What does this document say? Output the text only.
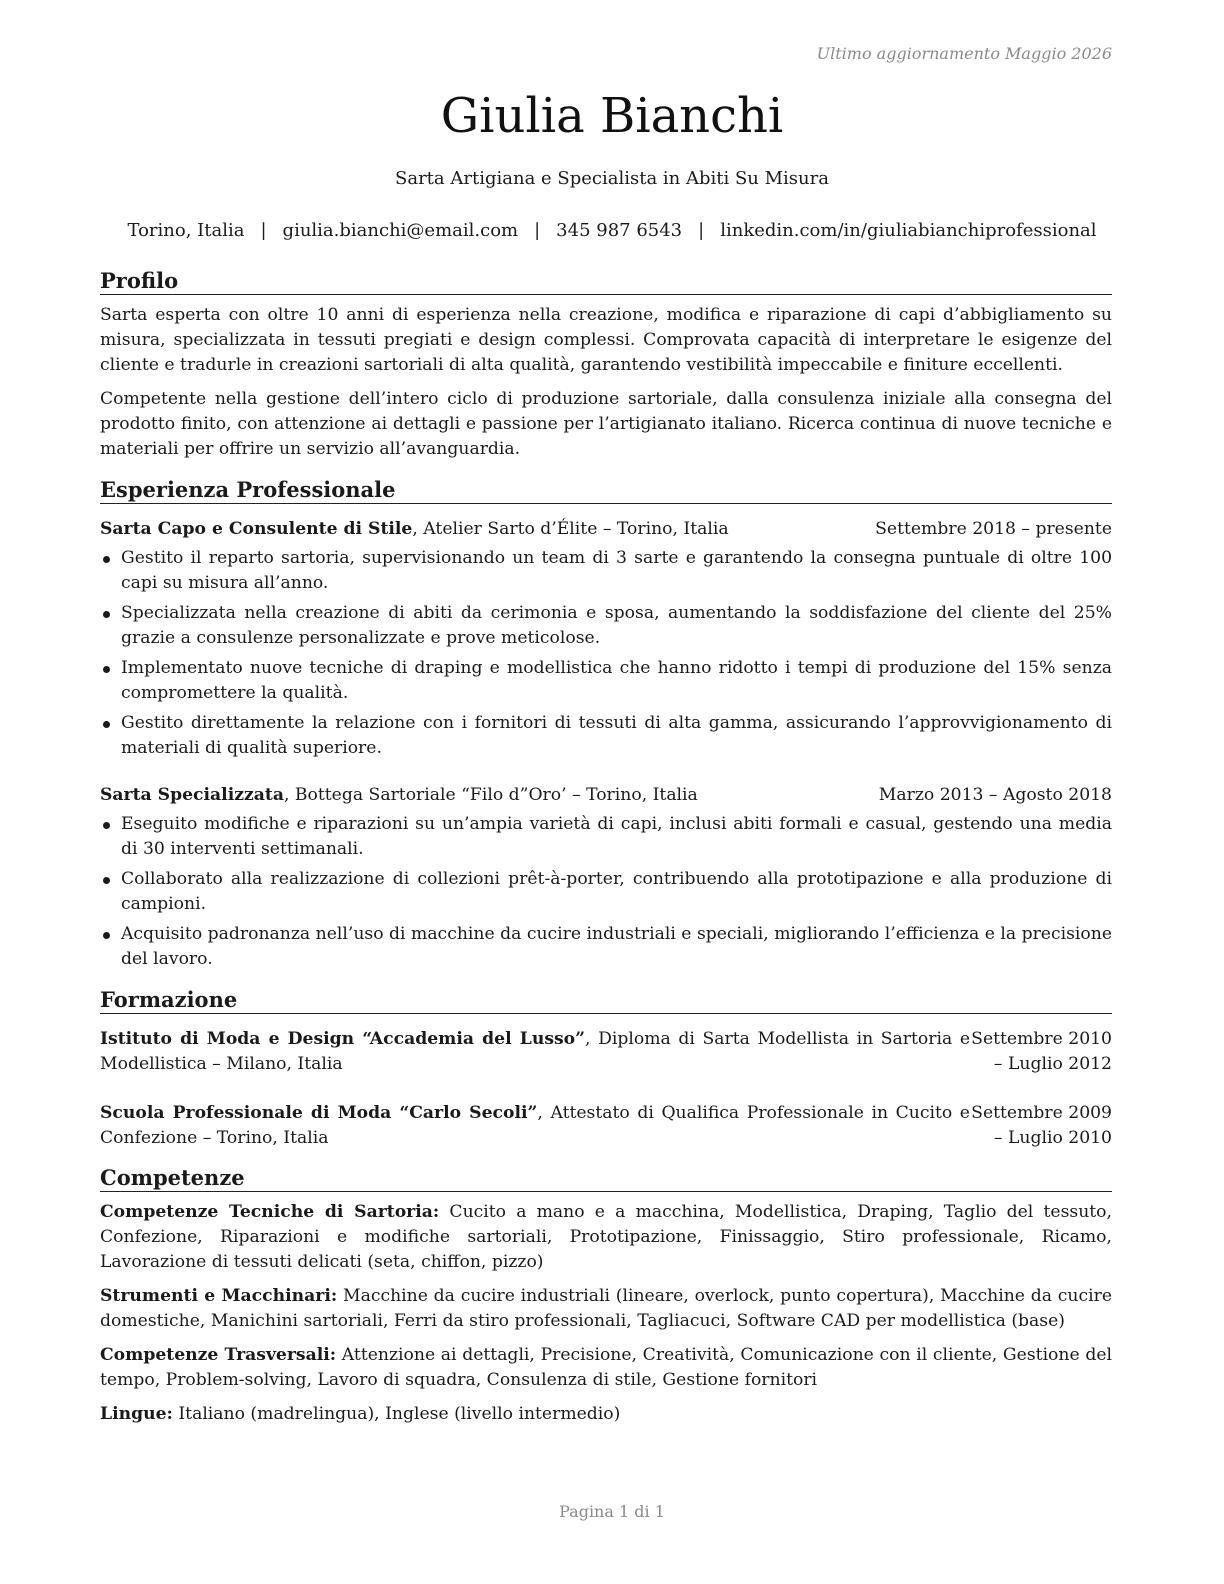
Ultimo aggiornamento Maggio 2026
Giulia Bianchi
Sarta Artigiana e Specialista in Abiti Su Misura
Torino, Italia | giulia.bianchi@email.com | 345 987 6543 | linkedin.com/in/giuliabianchiprofessional
Profilo

Sarta esperta con oltre 10 anni di esperienza nella creazione, modifica e riparazione di capi d’abbigliamento su misura, specializzata in tessuti pregiati e design complessi. Comprovata capacità di interpretare le esigenze del cliente e tradurle in creazioni sartoriali di alta qualità, garantendo vestibilità impeccabile e finiture eccellenti.

Competente nella gestione dell’intero ciclo di produzione sartoriale, dalla consulenza iniziale alla consegna del prodotto finito, con attenzione ai dettagli e passione per l’artigianato italiano. Ricerca continua di nuove tecniche e materiali per offrire un servizio all’avanguardia.

Esperienza Professionale
Sarta Capo e Consulente di Stile, Atelier Sarto d’Élite – Torino, Italia	Settembre 2018 – presente
Gestito il reparto sartoria, supervisionando un team di 3 sarte e garantendo la consegna puntuale di oltre 100 capi su misura all’anno.
Specializzata nella creazione di abiti da cerimonia e sposa, aumentando la soddisfazione del cliente del 25% grazie a consulenze personalizzate e prove meticolose.
Implementato nuove tecniche di draping e modellistica che hanno ridotto i tempi di produzione del 15% senza compromettere la qualità.
Gestito direttamente la relazione con i fornitori di tessuti di alta gamma, assicurando l’approvvigionamento di materiali di qualità superiore.
Sarta Specializzata, Bottega Sartoriale “Filo d”Oro’ – Torino, Italia	Marzo 2013 – Agosto 2018
Eseguito modifiche e riparazioni su un’ampia varietà di capi, inclusi abiti formali e casual, gestendo una media di 30 interventi settimanali.
Collaborato alla realizzazione di collezioni prêt-à-porter, contribuendo alla prototipazione e alla produzione di campioni.
Acquisito padronanza nell’uso di macchine da cucire industriali e speciali, migliorando l’efficienza e la precisione del lavoro.
Formazione
Istituto di Moda e Design “Accademia del Lusso”, Diploma di Sarta Modellista in Sartoria e Modellistica – Milano, Italia
Settembre 2010 – Luglio 2012
Scuola Professionale di Moda “Carlo Secoli”, Attestato di Qualifica Professionale in Cucito e Confezione – Torino, Italia
Settembre 2009 – Luglio 2010
Competenze

Competenze Tecniche di Sartoria: Cucito a mano e a macchina, Modellistica, Draping, Taglio del tessuto, Confezione, Riparazioni e modifiche sartoriali, Prototipazione, Finissaggio, Stiro professionale, Ricamo, Lavorazione di tessuti delicati (seta, chiffon, pizzo)

Strumenti e Macchinari: Macchine da cucire industriali (lineare, overlock, punto copertura), Macchine da cucire domestiche, Manichini sartoriali, Ferri da stiro professionali, Tagliacuci, Software CAD per modellistica (base)

Competenze Trasversali: Attenzione ai dettagli, Precisione, Creatività, Comunicazione con il cliente, Gestione del tempo, Problem-solving, Lavoro di squadra, Consulenza di stile, Gestione fornitori

Lingue: Italiano (madrelingua), Inglese (livello intermedio)

Pagina 1 di 1
